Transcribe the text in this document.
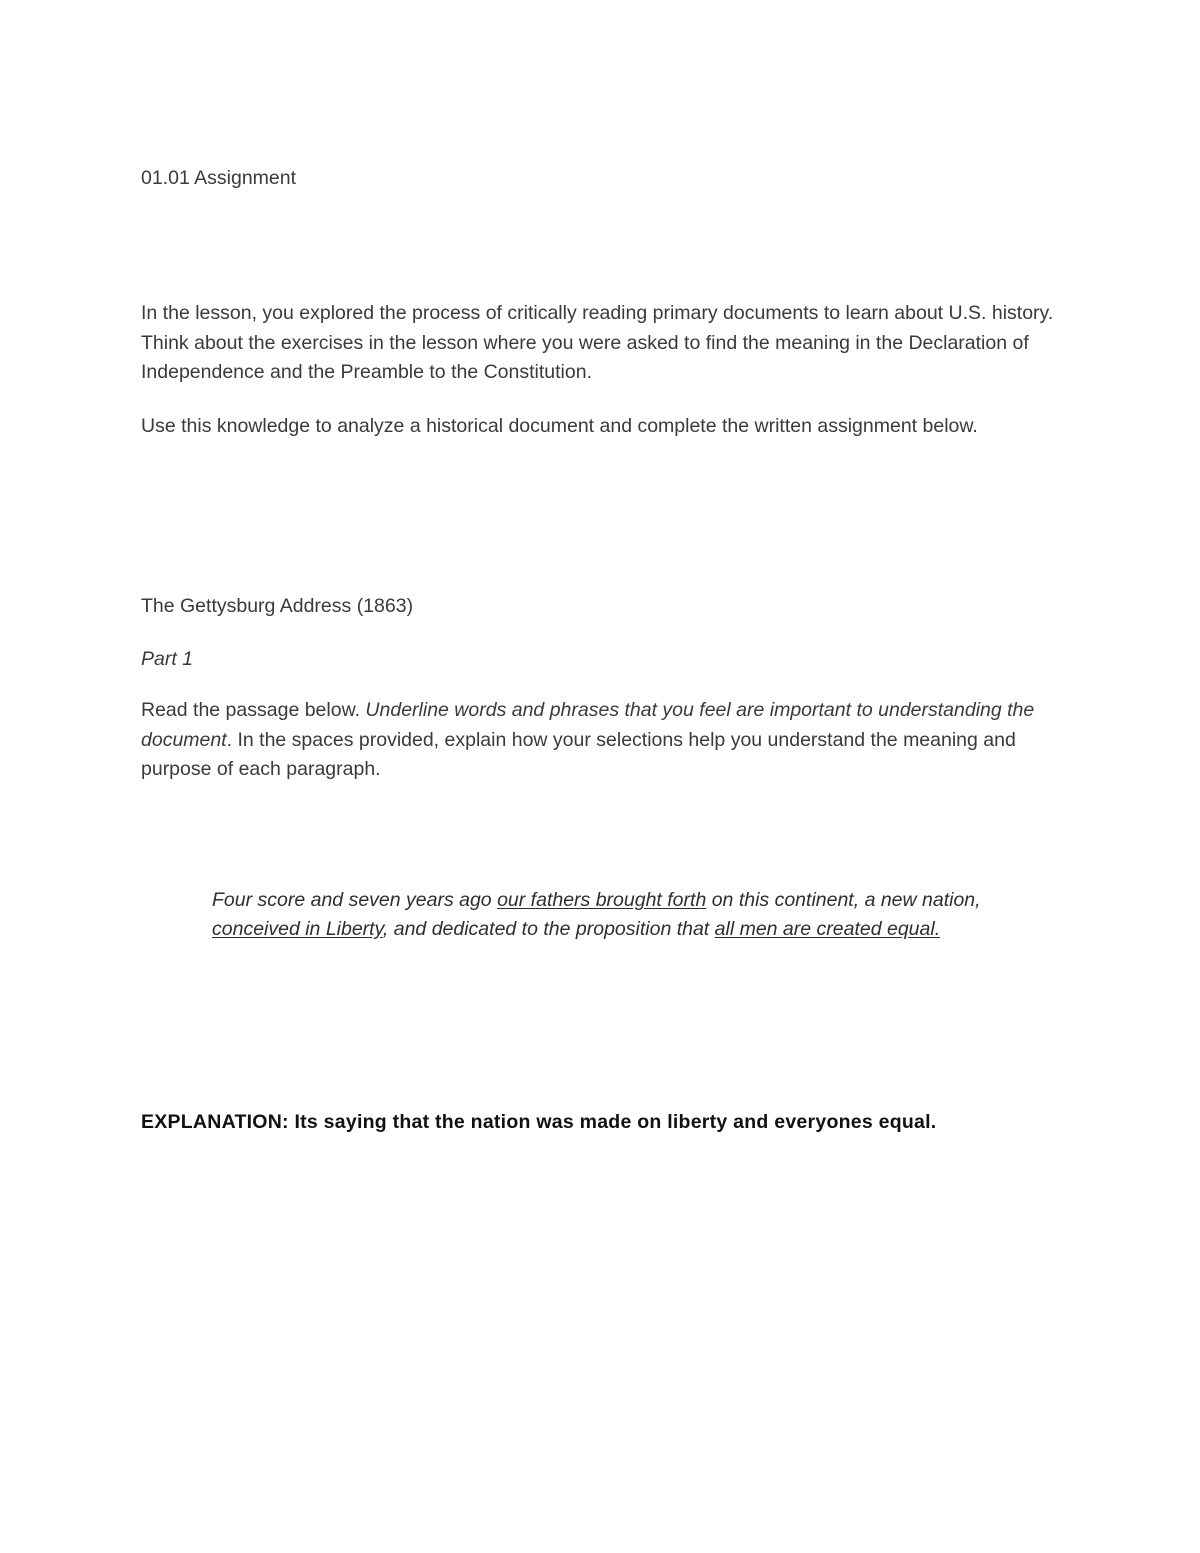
01.01 Assignment

In the lesson, you explored the process of critically reading primary documents to learn about U.S. history. Think about the exercises in the lesson where you were asked to find the meaning in the Declaration of Independence and the Preamble to the Constitution.

Use this knowledge to analyze a historical document and complete the written assignment below.

The Gettysburg Address (1863)

Part 1

Read the passage below. Underline words and phrases that you feel are important to understanding the document. In the spaces provided, explain how your selections help you understand the meaning and purpose of each paragraph.

Four score and seven years ago our fathers brought forth on this continent, a new nation, conceived in Liberty, and dedicated to the proposition that all men are created equal.

EXPLANATION: Its saying that the nation was made on liberty and everyones equal.
